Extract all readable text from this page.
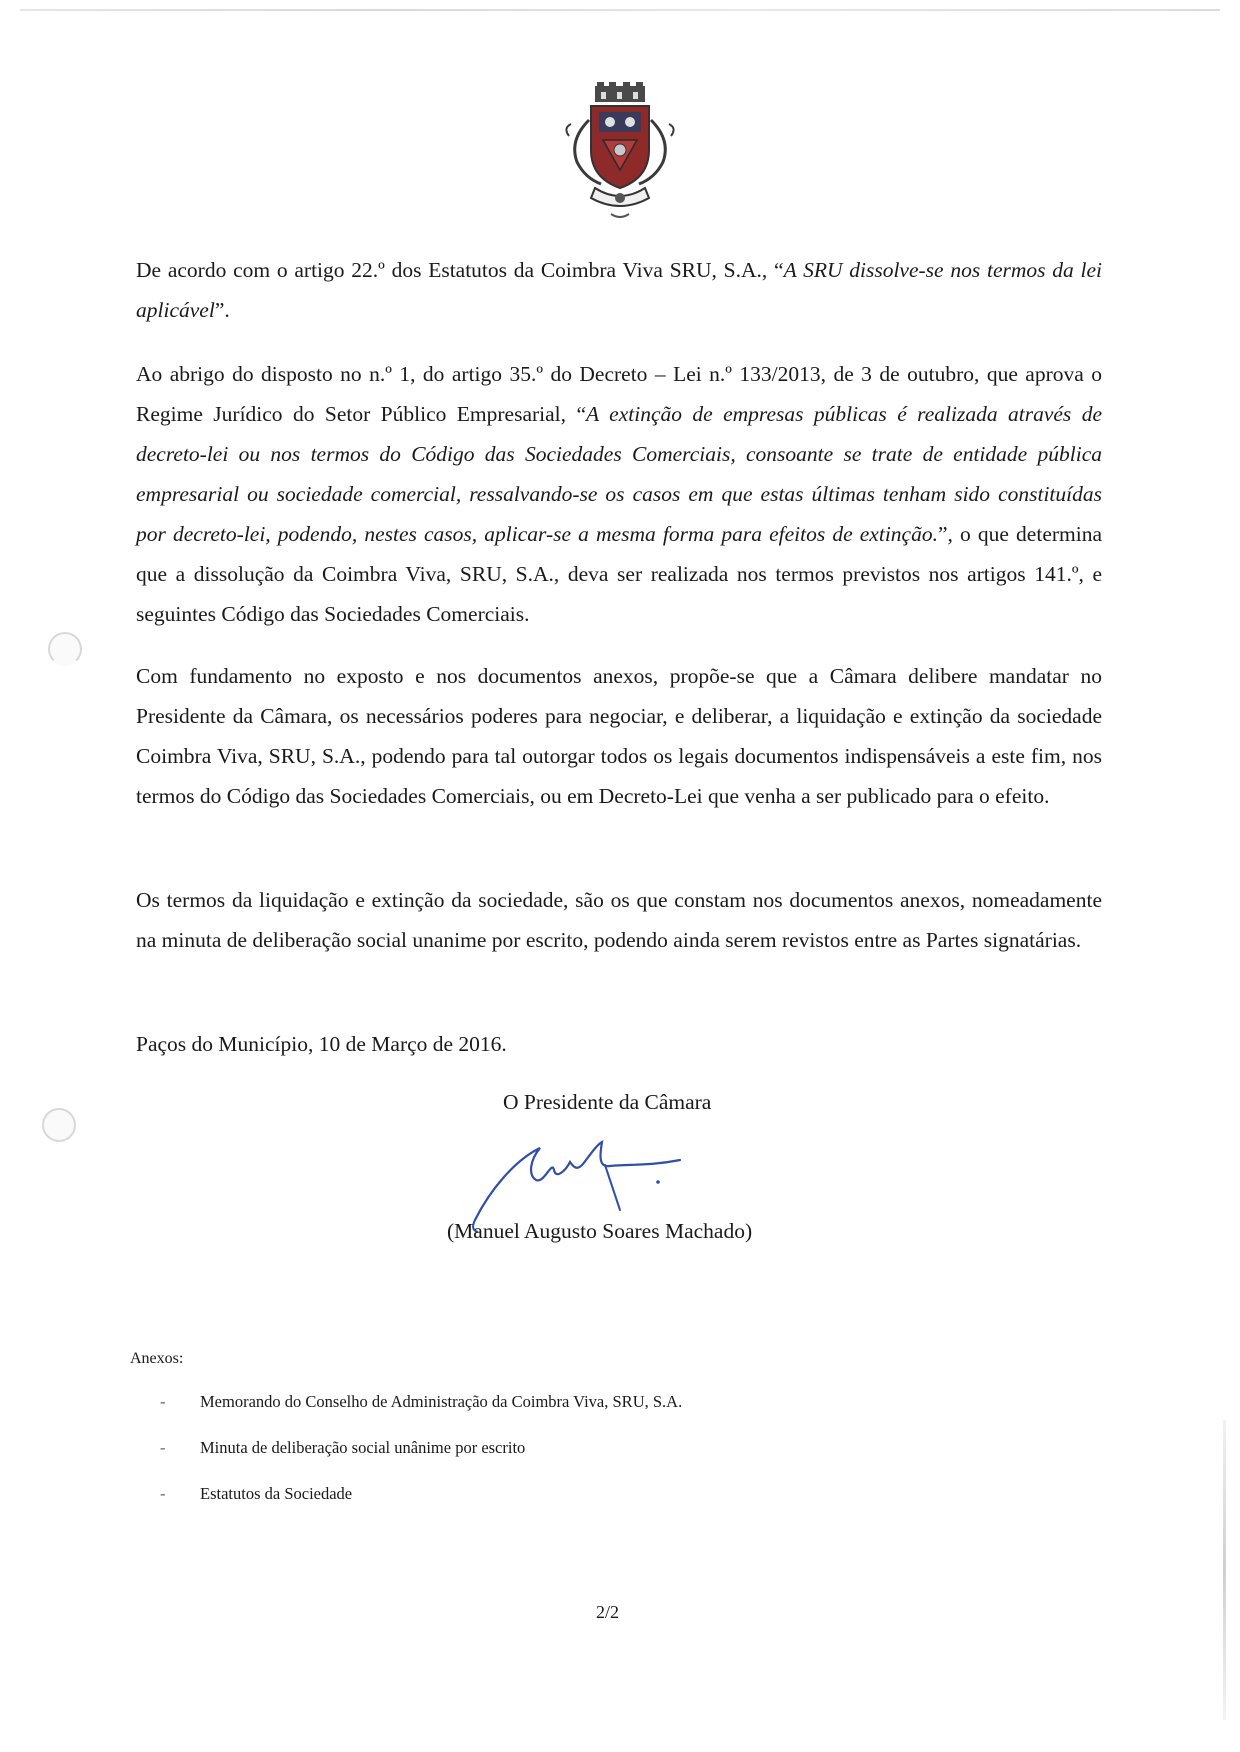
De acordo com o artigo 22.º dos Estatutos da Coimbra Viva SRU, S.A., “A SRU dissolve-se nos termos da lei aplicável”.
Ao abrigo do disposto no n.º 1, do artigo 35.º do Decreto – Lei n.º 133/2013, de 3 de outubro, que aprova o Regime Jurídico do Setor Público Empresarial, “A extinção de empresas públicas é realizada através de decreto-lei ou nos termos do Código das Sociedades Comerciais, consoante se trate de entidade pública empresarial ou sociedade comercial, ressalvando-se os casos em que estas últimas tenham sido constituídas por decreto-lei, podendo, nestes casos, aplicar-se a mesma forma para efeitos de extinção.”, o que determina que a dissolução da Coimbra Viva, SRU, S.A., deva ser realizada nos termos previstos nos artigos 141.º, e seguintes Código das Sociedades Comerciais.
Com fundamento no exposto e nos documentos anexos, propõe-se que a Câmara delibere mandatar no Presidente da Câmara, os necessários poderes para negociar, e deliberar, a liquidação e extinção da sociedade Coimbra Viva, SRU, S.A., podendo para tal outorgar todos os legais documentos indispensáveis a este fim, nos termos do Código das Sociedades Comerciais, ou em Decreto-Lei que venha a ser publicado para o efeito.
Os termos da liquidação e extinção da sociedade, são os que constam nos documentos anexos, nomeadamente na minuta de deliberação social unanime por escrito, podendo ainda serem revistos entre as Partes signatárias.
Paços do Município, 10 de Março de 2016.
O Presidente da Câmara
(Manuel Augusto Soares Machado)
Anexos:
- Memorando do Conselho de Administração da Coimbra Viva, SRU, S.A.
- Minuta de deliberação social unânime por escrito
- Estatutos da Sociedade
2/2
